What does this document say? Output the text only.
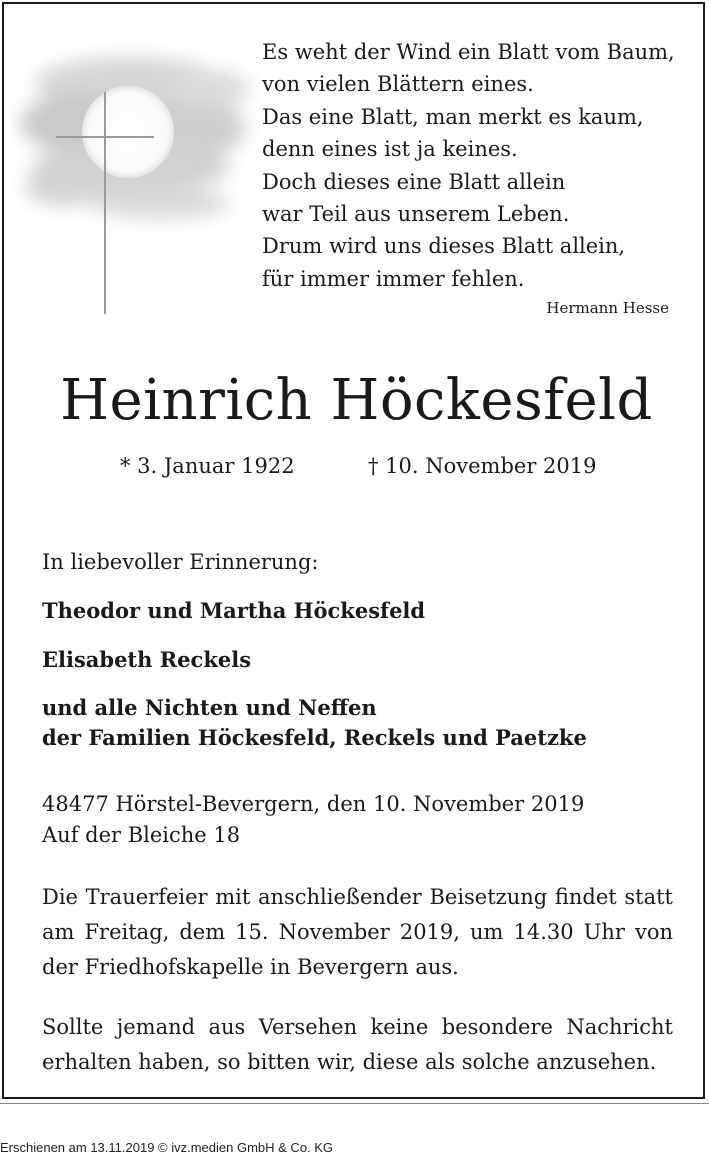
Es weht der Wind ein Blatt vom Baum,
von vielen Blättern eines.
Das eine Blatt, man merkt es kaum,
denn eines ist ja keines.
Doch dieses eine Blatt allein
war Teil aus unserem Leben.
Drum wird uns dieses Blatt allein,
für immer immer fehlen.
Hermann Hesse
Heinrich Höckesfeld
* 3. Januar 1922	† 10. November 2019
In liebevoller Erinnerung:
Theodor und Martha Höckesfeld
Elisabeth Reckels
und alle Nichten und Neffen
der Familien Höckesfeld, Reckels und Paetzke
48477 Hörstel-Bevergern, den 10. November 2019
Auf der Bleiche 18
Die Trauerfeier mit anschließender Beisetzung findet statt am Freitag, dem 15. November 2019, um 14.30 Uhr von der Friedhofskapelle in Bevergern aus.
Sollte jemand aus Versehen keine besondere Nachricht erhalten haben, so bitten wir, diese als solche anzusehen.
Erschienen am 13.11.2019 © ivz.medien GmbH & Co. KG
